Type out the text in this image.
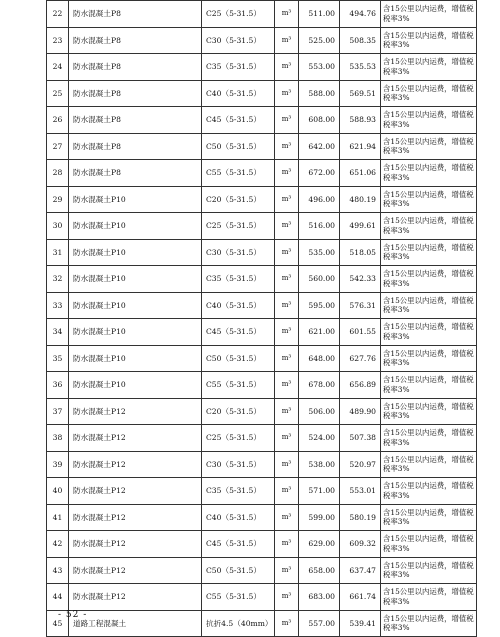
22	防水混凝土P8	C25（5-31.5）	m³	511.00	494.76	含15公里以内运费，增值税税率3%
23	防水混凝土P8	C30（5-31.5）	m³	525.00	508.35	含15公里以内运费，增值税税率3%
24	防水混凝土P8	C35（5-31.5）	m³	553.00	535.53	含15公里以内运费，增值税税率3%
25	防水混凝土P8	C40（5-31.5）	m³	588.00	569.51	含15公里以内运费，增值税税率3%
26	防水混凝土P8	C45（5-31.5）	m³	608.00	588.93	含15公里以内运费，增值税税率3%
27	防水混凝土P8	C50（5-31.5）	m³	642.00	621.94	含15公里以内运费，增值税税率3%
28	防水混凝土P8	C55（5-31.5）	m³	672.00	651.06	含15公里以内运费，增值税税率3%
29	防水混凝土P10	C20（5-31.5）	m³	496.00	480.19	含15公里以内运费，增值税税率3%
30	防水混凝土P10	C25（5-31.5）	m³	516.00	499.61	含15公里以内运费，增值税税率3%
31	防水混凝土P10	C30（5-31.5）	m³	535.00	518.05	含15公里以内运费，增值税税率3%
32	防水混凝土P10	C35（5-31.5）	m³	560.00	542.33	含15公里以内运费，增值税税率3%
33	防水混凝土P10	C40（5-31.5）	m³	595.00	576.31	含15公里以内运费，增值税税率3%
34	防水混凝土P10	C45（5-31.5）	m³	621.00	601.55	含15公里以内运费，增值税税率3%
35	防水混凝土P10	C50（5-31.5）	m³	648.00	627.76	含15公里以内运费，增值税税率3%
36	防水混凝土P10	C55（5-31.5）	m³	678.00	656.89	含15公里以内运费，增值税税率3%
37	防水混凝土P12	C20（5-31.5）	m³	506.00	489.90	含15公里以内运费，增值税税率3%
38	防水混凝土P12	C25（5-31.5）	m³	524.00	507.38	含15公里以内运费，增值税税率3%
39	防水混凝土P12	C30（5-31.5）	m³	538.00	520.97	含15公里以内运费，增值税税率3%
40	防水混凝土P12	C35（5-31.5）	m³	571.00	553.01	含15公里以内运费，增值税税率3%
41	防水混凝土P12	C40（5-31.5）	m³	599.00	580.19	含15公里以内运费，增值税税率3%
42	防水混凝土P12	C45（5-31.5）	m³	629.00	609.32	含15公里以内运费，增值税税率3%
43	防水混凝土P12	C50（5-31.5）	m³	658.00	637.47	含15公里以内运费，增值税税率3%
44	防水混凝土P12	C55（5-31.5）	m³	683.00	661.74	含15公里以内运费，增值税税率3%
45	道路工程混凝土	抗折4.5（40mm）	m³	557.00	539.41	含15公里以内运费，增值税税率3%
- 52 -
